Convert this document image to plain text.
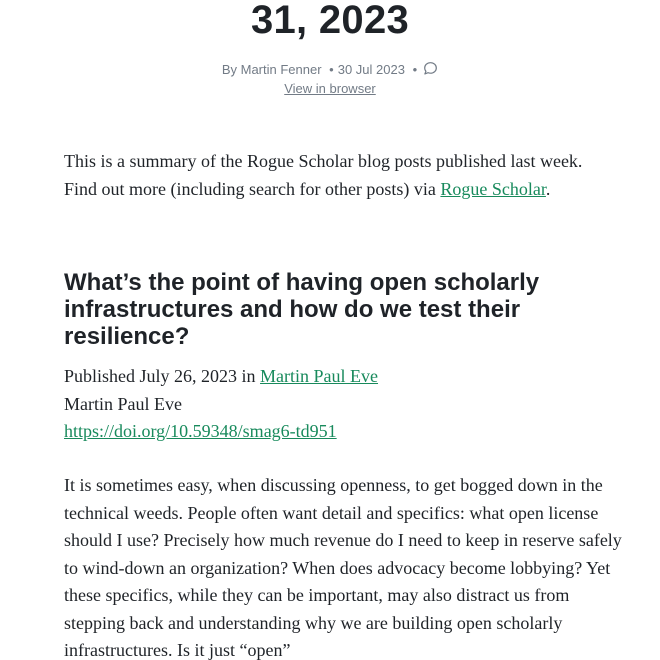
31, 2023
By Martin Fenner • 30 Jul 2023 •
View in browser

This is a summary of the Rogue Scholar blog posts published last week. Find out more (including search for other posts) via Rogue Scholar.

What’s the point of having open scholarly infrastructures and how do we test their resilience?
Published July 26, 2023 in Martin Paul Eve
Martin Paul Eve
https://doi.org/10.59348/smag6-td951

It is sometimes easy, when discussing openness, to get bogged down in the technical weeds. People often want detail and specifics: what open license should I use? Precisely how much revenue do I need to keep in reserve safely to wind-down an organization? When does advocacy become lobbying? Yet these specifics, while they can be important, may also distract us from stepping back and understanding why we are building open scholarly infrastructures. Is it just “open”
